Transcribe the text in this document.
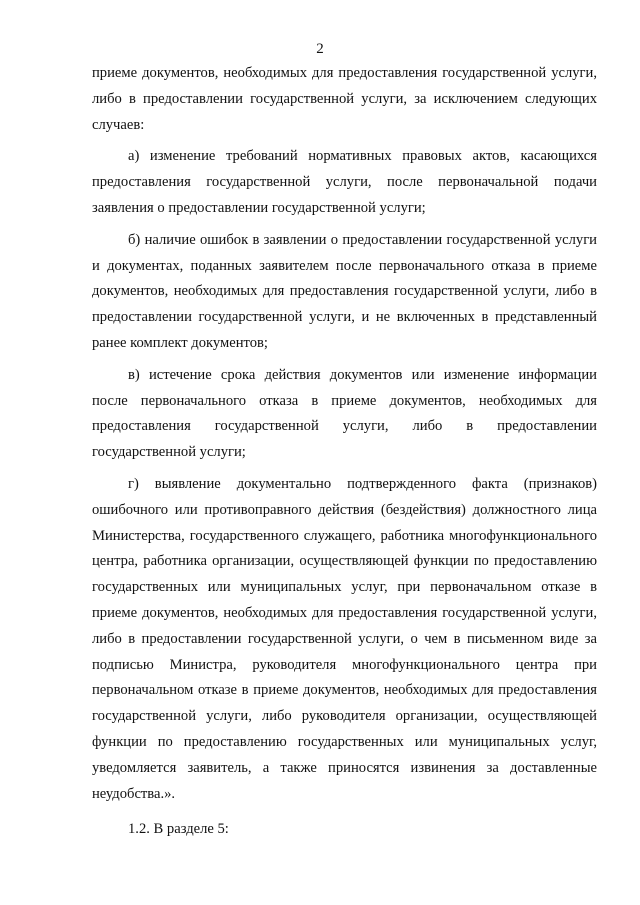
2

приеме документов, необходимых для предоставления государственной услуги, либо в предоставлении государственной услуги, за исключением следующих случаев:

а) изменение требований нормативных правовых актов, касающихся предоставления государственной услуги, после первоначальной подачи заявления о предоставлении государственной услуги;

б) наличие ошибок в заявлении о предоставлении государственной услуги и документах, поданных заявителем после первоначального отказа в приеме документов, необходимых для предоставления государственной услуги, либо в предоставлении государственной услуги, и не включенных в представленный ранее комплект документов;

в) истечение срока действия документов или изменение информации после первоначального отказа в приеме документов, необходимых для предоставления государственной услуги, либо в предоставлении государственной услуги;

г) выявление документально подтвержденного факта (признаков) ошибочного или противоправного действия (бездействия) должностного лица Министерства, государственного служащего, работника многофункционального центра, работника организации, осуществляющей функции по предоставлению государственных или муниципальных услуг, при первоначальном отказе в приеме документов, необходимых для предоставления государственной услуги, либо в предоставлении государственной услуги, о чем в письменном виде за подписью Министра, руководителя многофункционального центра при первоначальном отказе в приеме документов, необходимых для предоставления государственной услуги, либо руководителя организации, осуществляющей функции по предоставлению государственных или муниципальных услуг, уведомляется заявитель, а также приносятся извинения за доставленные неудобства.».

1.2. В разделе 5:
